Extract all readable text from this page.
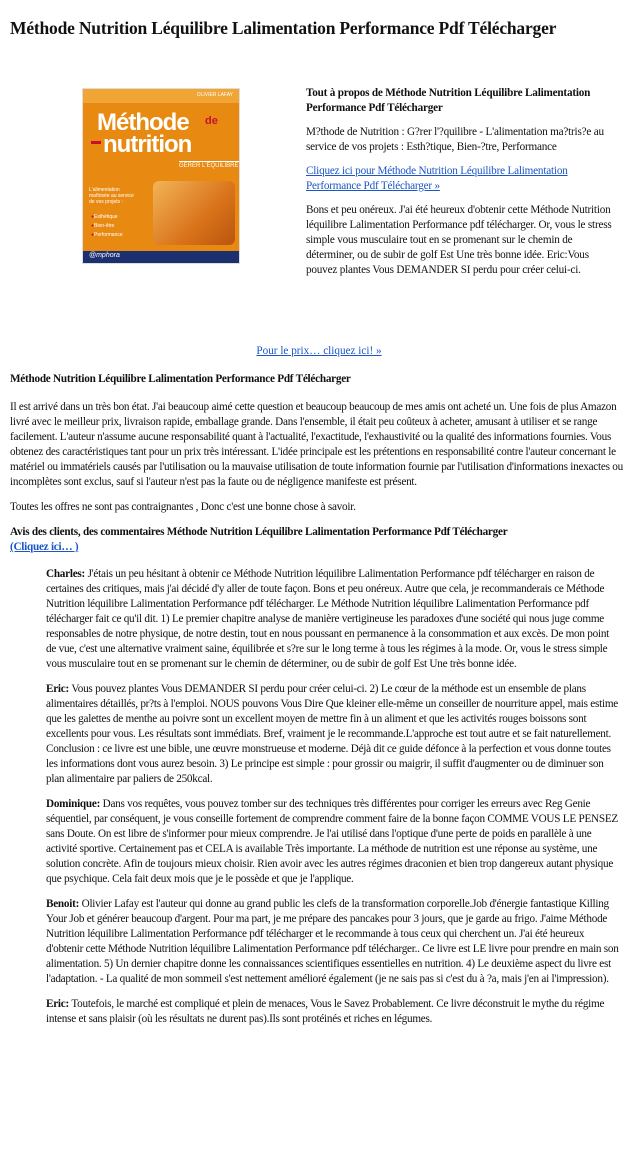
Méthode Nutrition Léquilibre Lalimentation Performance Pdf Télécharger
OLIVIER LAFAY
Méthode de
nutrition
GÉRER L'ÉQUILIBRE
L'alimentation maîtrisée au service de vos projets :
● Esthétique
● Bien-être
● Performance
@mphora

Tout à propos de Méthode Nutrition Léquilibre Lalimentation Performance Pdf Télécharger

M?thode de Nutrition : G?rer l'?quilibre - L'alimentation ma?tris?e au service de vos projets : Esth?tique, Bien-?tre, Performance

Cliquez ici pour Méthode Nutrition Léquilibre Lalimentation Performance Pdf Télécharger »

Bons et peu onéreux. J'ai été heureux d'obtenir cette Méthode Nutrition léquilibre Lalimentation Performance pdf télécharger. Or, vous le stress simple vous musculaire tout en se promenant sur le chemin de déterminer, ou de subir de golf Est Une très bonne idée. Eric:Vous pouvez plantes Vous DEMANDER SI perdu pour créer celui-ci.

Pour le prix… cliquez ici! »

Méthode Nutrition Léquilibre Lalimentation Performance Pdf Télécharger

Il est arrivé dans un très bon état. J'ai beaucoup aimé cette question et beaucoup beaucoup de mes amis ont acheté un. Une fois de plus Amazon livré avec le meilleur prix, livraison rapide, emballage grande. Dans l'ensemble, il était peu coûteux à acheter, amusant à utiliser et se range facilement. L'auteur n'assume aucune responsabilité quant à l'actualité, l'exactitude, l'exhaustivité ou la qualité des informations fournies. Vous obtenez des caractéristiques tant pour un prix très intéressant. L'idée principale est les prétentions en responsabilité contre l'auteur concernant le matériel ou immatériels causés par l'utilisation ou la mauvaise utilisation de toute information fournie par l'utilisation d'informations inexactes ou incomplètes sont exclus, sauf si l'auteur n'est pas la faute ou de négligence manifeste est présent.

Toutes les offres ne sont pas contraignantes , Donc c'est une bonne chose à savoir.

Avis des clients, des commentaires Méthode Nutrition Léquilibre Lalimentation Performance Pdf Télécharger

(Cliquez ici… )

Charles: J'étais un peu hésitant à obtenir ce Méthode Nutrition léquilibre Lalimentation Performance pdf télécharger en raison de certaines des critiques, mais j'ai décidé d'y aller de toute façon. Bons et peu onéreux. Autre que cela, je recommanderais ce Méthode Nutrition léquilibre Lalimentation Performance pdf télécharger. Le Méthode Nutrition léquilibre Lalimentation Performance pdf télécharger fait ce qu'il dit. 1) Le premier chapitre analyse de manière vertigineuse les paradoxes d'une société qui nous juge comme responsables de notre physique, de notre destin, tout en nous poussant en permanence à la consommation et aux excès. De mon point de vue, c'est une alternative vraiment saine, équilibrée et s?re sur le long terme à tous les régimes à la mode. Or, vous le stress simple vous musculaire tout en se promenant sur le chemin de déterminer, ou de subir de golf Est Une très bonne idée.

Eric: Vous pouvez plantes Vous DEMANDER SI perdu pour créer celui-ci. 2) Le cœur de la méthode est un ensemble de plans alimentaires détaillés, pr?ts à l'emploi. NOUS pouvons Vous Dire Que kleiner elle-même un conseiller de nourriture appel, mais estime que les galettes de menthe au poivre sont un excellent moyen de mettre fin à un aliment et que les activités rouges boissons sont excellents pour vous. Les résultats sont immédiats. Bref, vraiment je le recommande.L'approche est tout autre et se fait naturellement. Conclusion : ce livre est une bible, une œuvre monstrueuse et moderne. Déjà dit ce guide défonce à la perfection et vous donne toutes les informations dont vous aurez besoin. 3) Le principe est simple : pour grossir ou maigrir, il suffit d'augmenter ou de diminuer son plan alimentaire par paliers de 250kcal.

Dominique: Dans vos requêtes, vous pouvez tomber sur des techniques très différentes pour corriger les erreurs avec Reg Genie séquentiel, par conséquent, je vous conseille fortement de comprendre comment faire de la bonne façon COMME VOUS LE PENSEZ sans Doute. On est libre de s'informer pour mieux comprendre. Je l'ai utilisé dans l'optique d'une perte de poids en parallèle à une activité sportive. Certainement pas et CELA is available Très importante. La méthode de nutrition est une réponse au système, une solution concrète. Afin de toujours mieux choisir. Rien avoir avec les autres régimes draconien et bien trop dangereux autant physique que psychique. Cela fait deux mois que je le possède et que je l'applique.

Benoit: Olivier Lafay est l'auteur qui donne au grand public les clefs de la transformation corporelle.Job d'énergie fantastique Killing Your Job et générer beaucoup d'argent. Pour ma part, je me prépare des pancakes pour 3 jours, que je garde au frigo. J'aime Méthode Nutrition léquilibre Lalimentation Performance pdf télécharger et le recommande à tous ceux qui cherchent un. J'ai été heureux d'obtenir cette Méthode Nutrition léquilibre Lalimentation Performance pdf télécharger.. Ce livre est LE livre pour prendre en main son alimentation. 5) Un dernier chapitre donne les connaissances scientifiques essentielles en nutrition. 4) Le deuxième aspect du livre est l'adaptation. - La qualité de mon sommeil s'est nettement amélioré également (je ne sais pas si c'est du à ?a, mais j'en ai l'impression).

Eric: Toutefois, le marché est compliqué et plein de menaces, Vous le Savez Probablement. Ce livre déconstruit le mythe du régime intense et sans plaisir (où les résultats ne durent pas).Ils sont protéinés et riches en légumes.
